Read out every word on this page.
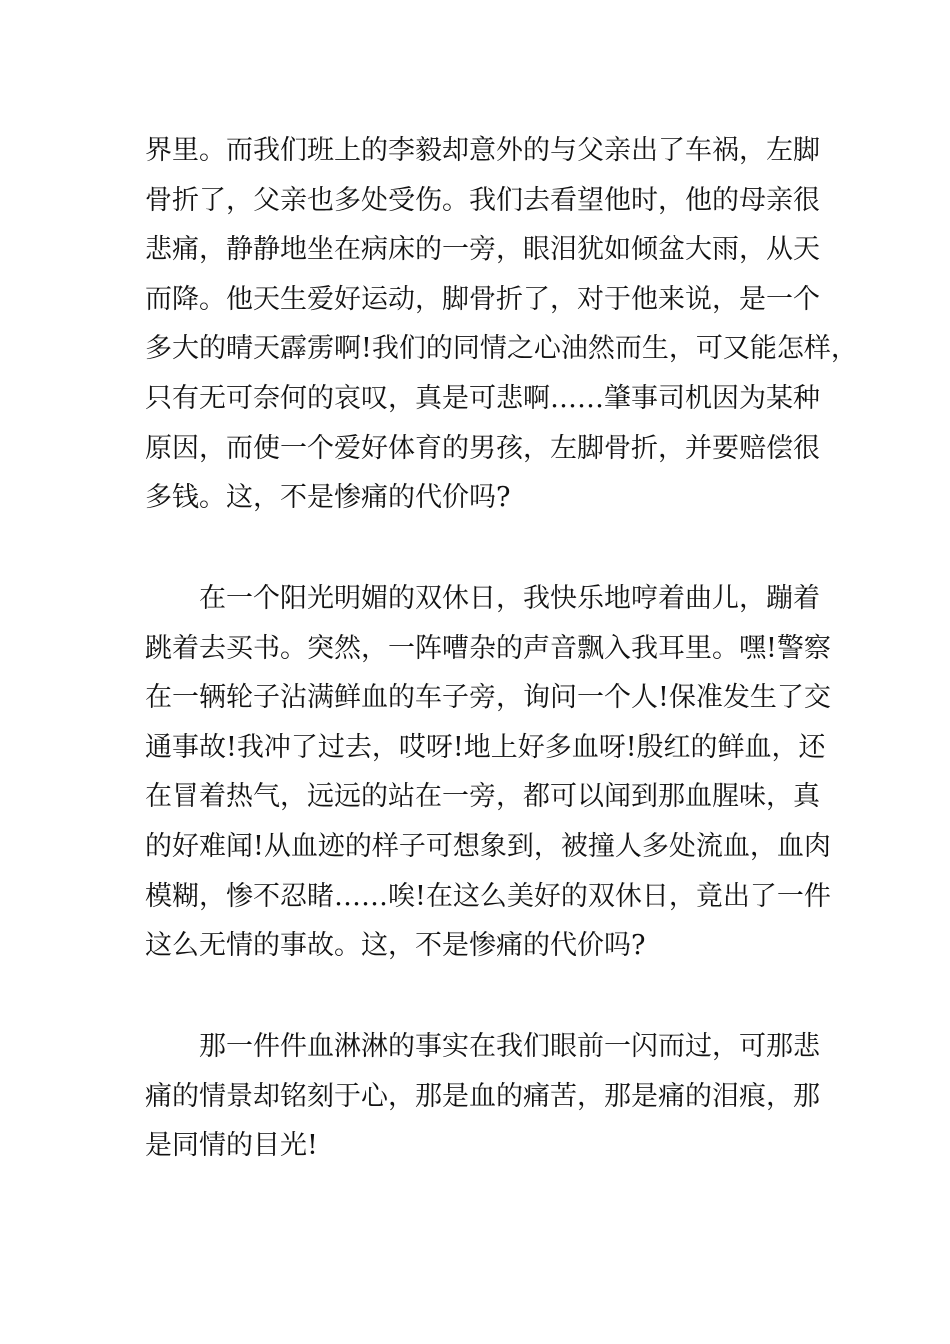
界里。而我们班上的李毅却意外的与父亲出了车祸，左脚
骨折了，父亲也多处受伤。我们去看望他时，他的母亲很
悲痛，静静地坐在病床的一旁，眼泪犹如倾盆大雨，从天
而降。他天生爱好运动，脚骨折了，对于他来说，是一个
多大的晴天霹雳啊!我们的同情之心油然而生，可又能怎样，
只有无可奈何的哀叹，真是可悲啊……肇事司机因为某种
原因，而使一个爱好体育的男孩，左脚骨折，并要赔偿很
多钱。这，不是惨痛的代价吗?
在一个阳光明媚的双休日，我快乐地哼着曲儿，蹦着
跳着去买书。突然，一阵嘈杂的声音飘入我耳里。嘿!警察
在一辆轮子沾满鲜血的车子旁，询问一个人!保准发生了交
通事故!我冲了过去，哎呀!地上好多血呀!殷红的鲜血，还
在冒着热气，远远的站在一旁，都可以闻到那血腥味，真
的好难闻!从血迹的样子可想象到，被撞人多处流血，血肉
模糊，惨不忍睹……唉!在这么美好的双休日，竟出了一件
这么无情的事故。这，不是惨痛的代价吗?
那一件件血淋淋的事实在我们眼前一闪而过，可那悲
痛的情景却铭刻于心，那是血的痛苦，那是痛的泪痕，那
是同情的目光!
